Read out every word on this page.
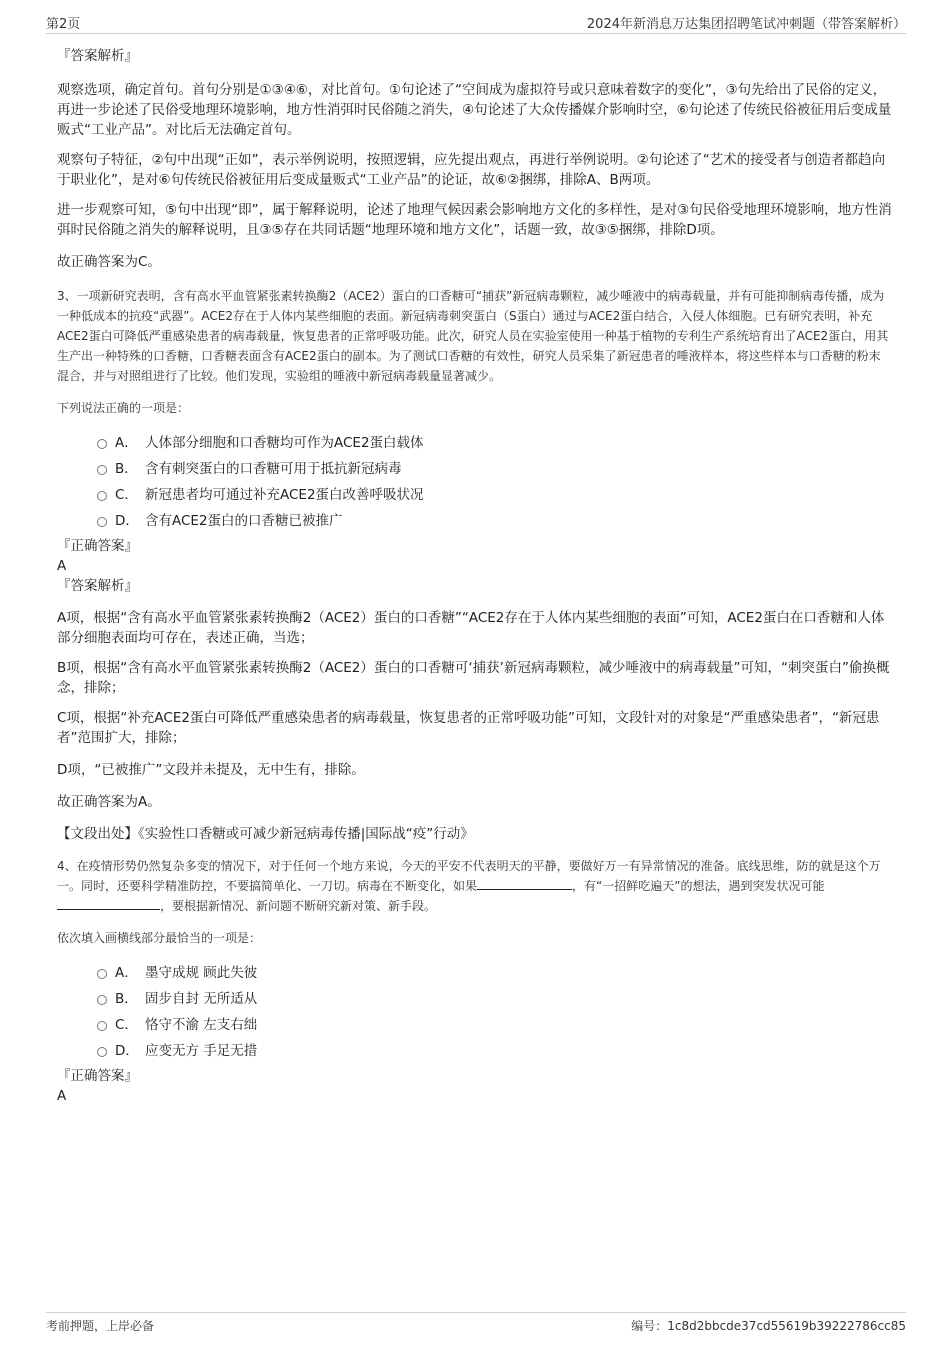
第2页	2024年新消息万达集团招聘笔试冲刺题（带答案解析）

『答案解析』

观察选项，确定首句。首句分别是①③④⑥，对比首句。①句论述了“空间成为虚拟符号或只意味着数字的变化”，③句先给出了民俗的定义，再进一步论述了民俗受地理环境影响，地方性消弭时民俗随之消失，④句论述了大众传播媒介影响时空，⑥句论述了传统民俗被征用后变成量贩式“工业产品”。对比后无法确定首句。

观察句子特征，②句中出现“正如”，表示举例说明，按照逻辑，应先提出观点，再进行举例说明。②句论述了“艺术的接受者与创造者都趋向于职业化”，是对⑥句传统民俗被征用后变成量贩式“工业产品”的论证，故⑥②捆绑，排除A、B两项。

进一步观察可知，⑤句中出现“即”，属于解释说明，论述了地理气候因素会影响地方文化的多样性，是对③句民俗受地理环境影响，地方性消弭时民俗随之消失的解释说明，且③⑤存在共同话题“地理环境和地方文化”，话题一致，故③⑤捆绑，排除D项。

故正确答案为C。

3、一项新研究表明，含有高水平血管紧张素转换酶2（ACE2）蛋白的口香糖可“捕获”新冠病毒颗粒，减少唾液中的病毒载量，并有可能抑制病毒传播，成为一种低成本的抗疫“武器”。ACE2存在于人体内某些细胞的表面。新冠病毒刺突蛋白（S蛋白）通过与ACE2蛋白结合，入侵人体细胞。已有研究表明，补充ACE2蛋白可降低严重感染患者的病毒载量，恢复患者的正常呼吸功能。此次，研究人员在实验室使用一种基于植物的专利生产系统培育出了ACE2蛋白，用其生产出一种特殊的口香糖，口香糖表面含有ACE2蛋白的副本。为了测试口香糖的有效性，研究人员采集了新冠患者的唾液样本，将这些样本与口香糖的粉末混合，并与对照组进行了比较。他们发现，实验组的唾液中新冠病毒载量显著减少。

下列说法正确的一项是：

A． 人体部分细胞和口香糖均可作为ACE2蛋白载体
B． 含有刺突蛋白的口香糖可用于抵抗新冠病毒
C． 新冠患者均可通过补充ACE2蛋白改善呼吸状况
D． 含有ACE2蛋白的口香糖已被推广

『正确答案』

A

『答案解析』

A项，根据“含有高水平血管紧张素转换酶2（ACE2）蛋白的口香糖”“ACE2存在于人体内某些细胞的表面”可知，ACE2蛋白在口香糖和人体部分细胞表面均可存在，表述正确，当选；

B项，根据“含有高水平血管紧张素转换酶2（ACE2）蛋白的口香糖可‘捕获’新冠病毒颗粒，减少唾液中的病毒载量”可知，“刺突蛋白”偷换概念，排除；

C项，根据“补充ACE2蛋白可降低严重感染患者的病毒载量，恢复患者的正常呼吸功能”可知，文段针对的对象是“严重感染患者”，“新冠患者”范围扩大，排除；

D项，“已被推广”文段并未提及，无中生有，排除。

故正确答案为A。

【文段出处】《实验性口香糖或可减少新冠病毒传播|国际战“疫”行动》

4、在疫情形势仍然复杂多变的情况下，对于任何一个地方来说，今天的平安不代表明天的平静，要做好万一有异常情况的准备。底线思维，防的就是这个万一。同时，还要科学精准防控，不要搞简单化、一刀切。病毒在不断变化，如果	，有“一招鲜吃遍天”的想法，遇到突发状况可能，要根据新情况、新问题不断研究新对策、新手段。

依次填入画横线部分最恰当的一项是：

A． 墨守成规 顾此失彼
B． 固步自封 无所适从
C． 恪守不渝 左支右绌
D． 应变无方 手足无措

『正确答案』

A

考前押题，上岸必备	编号：1c8d2bbcde37cd55619b39222786cc85
